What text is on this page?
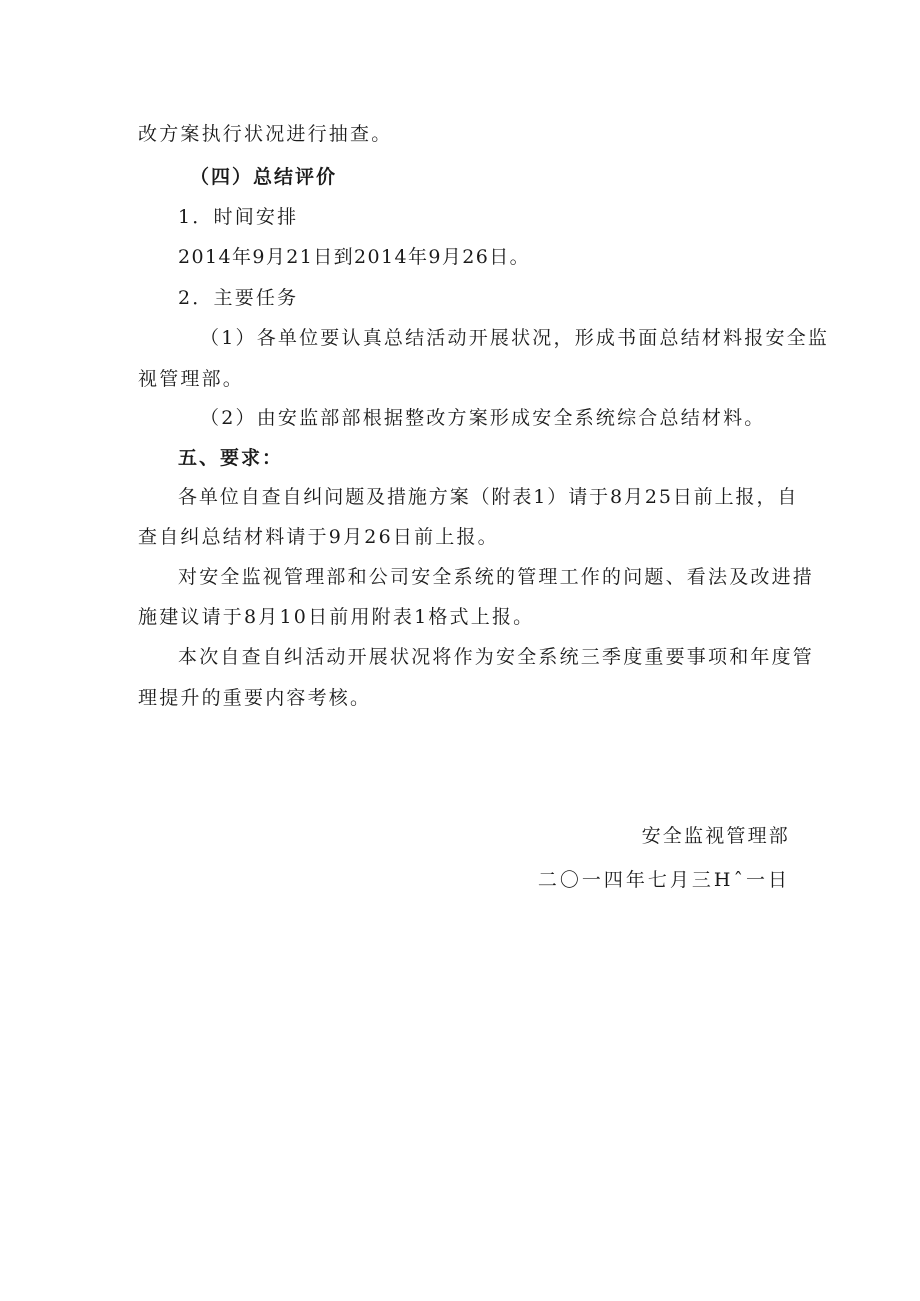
改方案执行状况进行抽查。
（四）总结评价
1．时间安排
2014年9月21日到2014年9月26日。
2．主要任务
（1）各单位要认真总结活动开展状况，形成书面总结材料报安全监
视管理部。
（2）由安监部部根据整改方案形成安全系统综合总结材料。
五、要求：
各单位自查自纠问题及措施方案（附表1）请于8月25日前上报，自
查自纠总结材料请于9月26日前上报。
对安全监视管理部和公司安全系统的管理工作的问题、看法及改进措
施建议请于8月10日前用附表1格式上报。
本次自查自纠活动开展状况将作为安全系统三季度重要事项和年度管
理提升的重要内容考核。
安全监视管理部
二〇一四年七月三Hˆ一日
